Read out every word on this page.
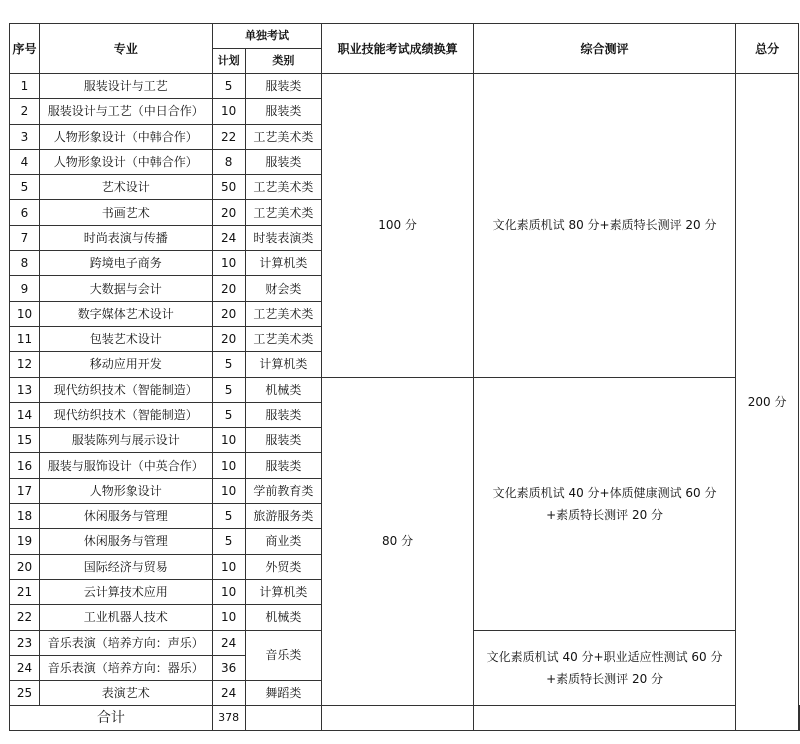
序号	专业	单独考试		职业技能考试成绩换算	综合测评	总分	
		计划	类别				
1	服装设计与工艺	5	服装类	100 分	文化素质机试 80 分+素质特长测评 20 分	200 分	
2	服装设计与工艺（中日合作）	10	服装类				
3	人物形象设计（中韩合作）	22	工艺美术类				
4	人物形象设计（中韩合作）	8	服装类				
5	艺术设计	50	工艺美术类				
6	书画艺术	20	工艺美术类				
7	时尚表演与传播	24	时装表演类				
8	跨境电子商务	10	计算机类				
9	大数据与会计	20	财会类				
10	数字媒体艺术设计	20	工艺美术类				
11	包装艺术设计	20	工艺美术类				
12	移动应用开发	5	计算机类				
13	现代纺织技术（智能制造）	5	机械类	80 分	文化素质机试 40 分+体质健康测试 60 分
+素质特长测评 20 分		
14	现代纺织技术（智能制造）	5	服装类				
15	服装陈列与展示设计	10	服装类				
16	服装与服饰设计（中英合作）	10	服装类				
17	人物形象设计	10	学前教育类				
18	休闲服务与管理	5	旅游服务类				
19	休闲服务与管理	5	商业类				
20	国际经济与贸易	10	外贸类				
21	云计算技术应用	10	计算机类				
22	工业机器人技术	10	机械类				
23	音乐表演（培养方向：声乐）	24	音乐类		文化素质机试 40 分+职业适应性测试 60 分
+素质特长测评 20 分		
24	音乐表演（培养方向：器乐）	36					
25	表演艺术	24	舞蹈类				
合计		378					
